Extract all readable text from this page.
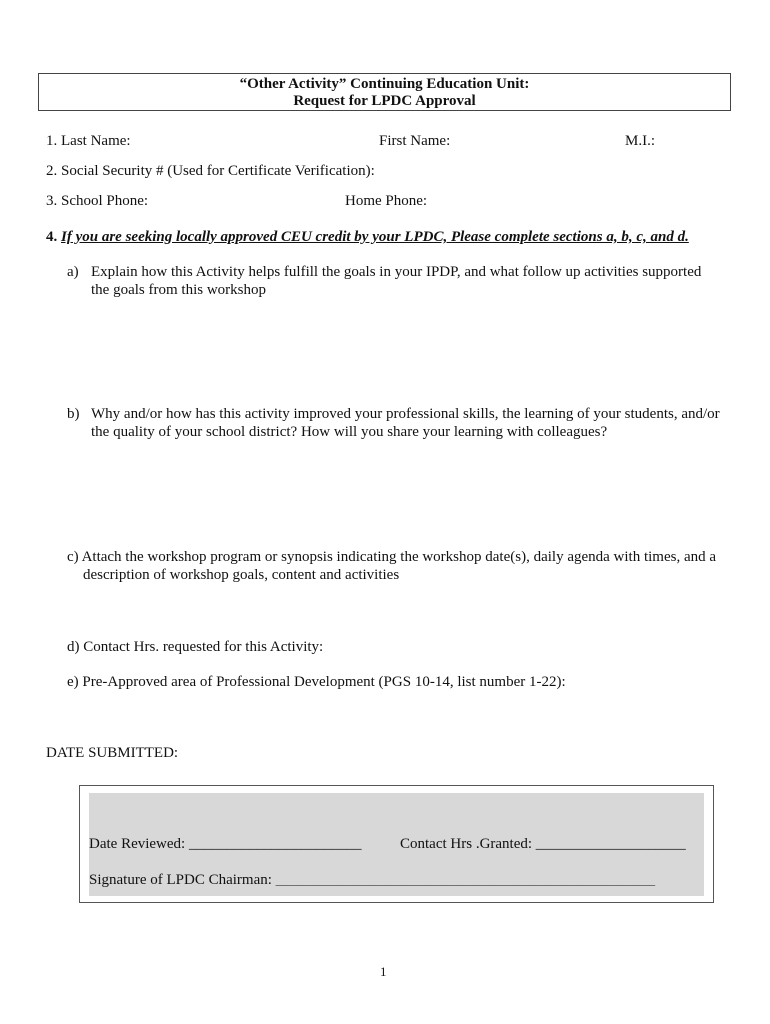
“Other Activity” Continuing Education Unit:
Request for LPDC Approval
1. Last Name:	First Name:	M.I.:
2. Social Security # (Used for Certificate Verification):
3. School Phone:	Home Phone:
4. If you are seeking locally approved CEU credit by your LPDC, Please complete sections a, b, c, and d.
a) Explain how this Activity helps fulfill the goals in your IPDP, and what follow up activities supported
the goals from this workshop
b) Why and/or how has this activity improved your professional skills, the learning of your students, and/or
the quality of your school district? How will you share your learning with colleagues?
c) Attach the workshop program or synopsis indicating the workshop date(s), daily agenda with times, and a
description of workshop goals, content and activities
d) Contact Hrs. requested for this Activity:
e) Pre-Approved area of Professional Development (PGS 10-14, list number 1-22):
DATE SUBMITTED:
Date Reviewed: _______________________	Contact Hrs .Granted: ____________________
Signature of LPDC Chairman: _____________________________________________________________________
1
